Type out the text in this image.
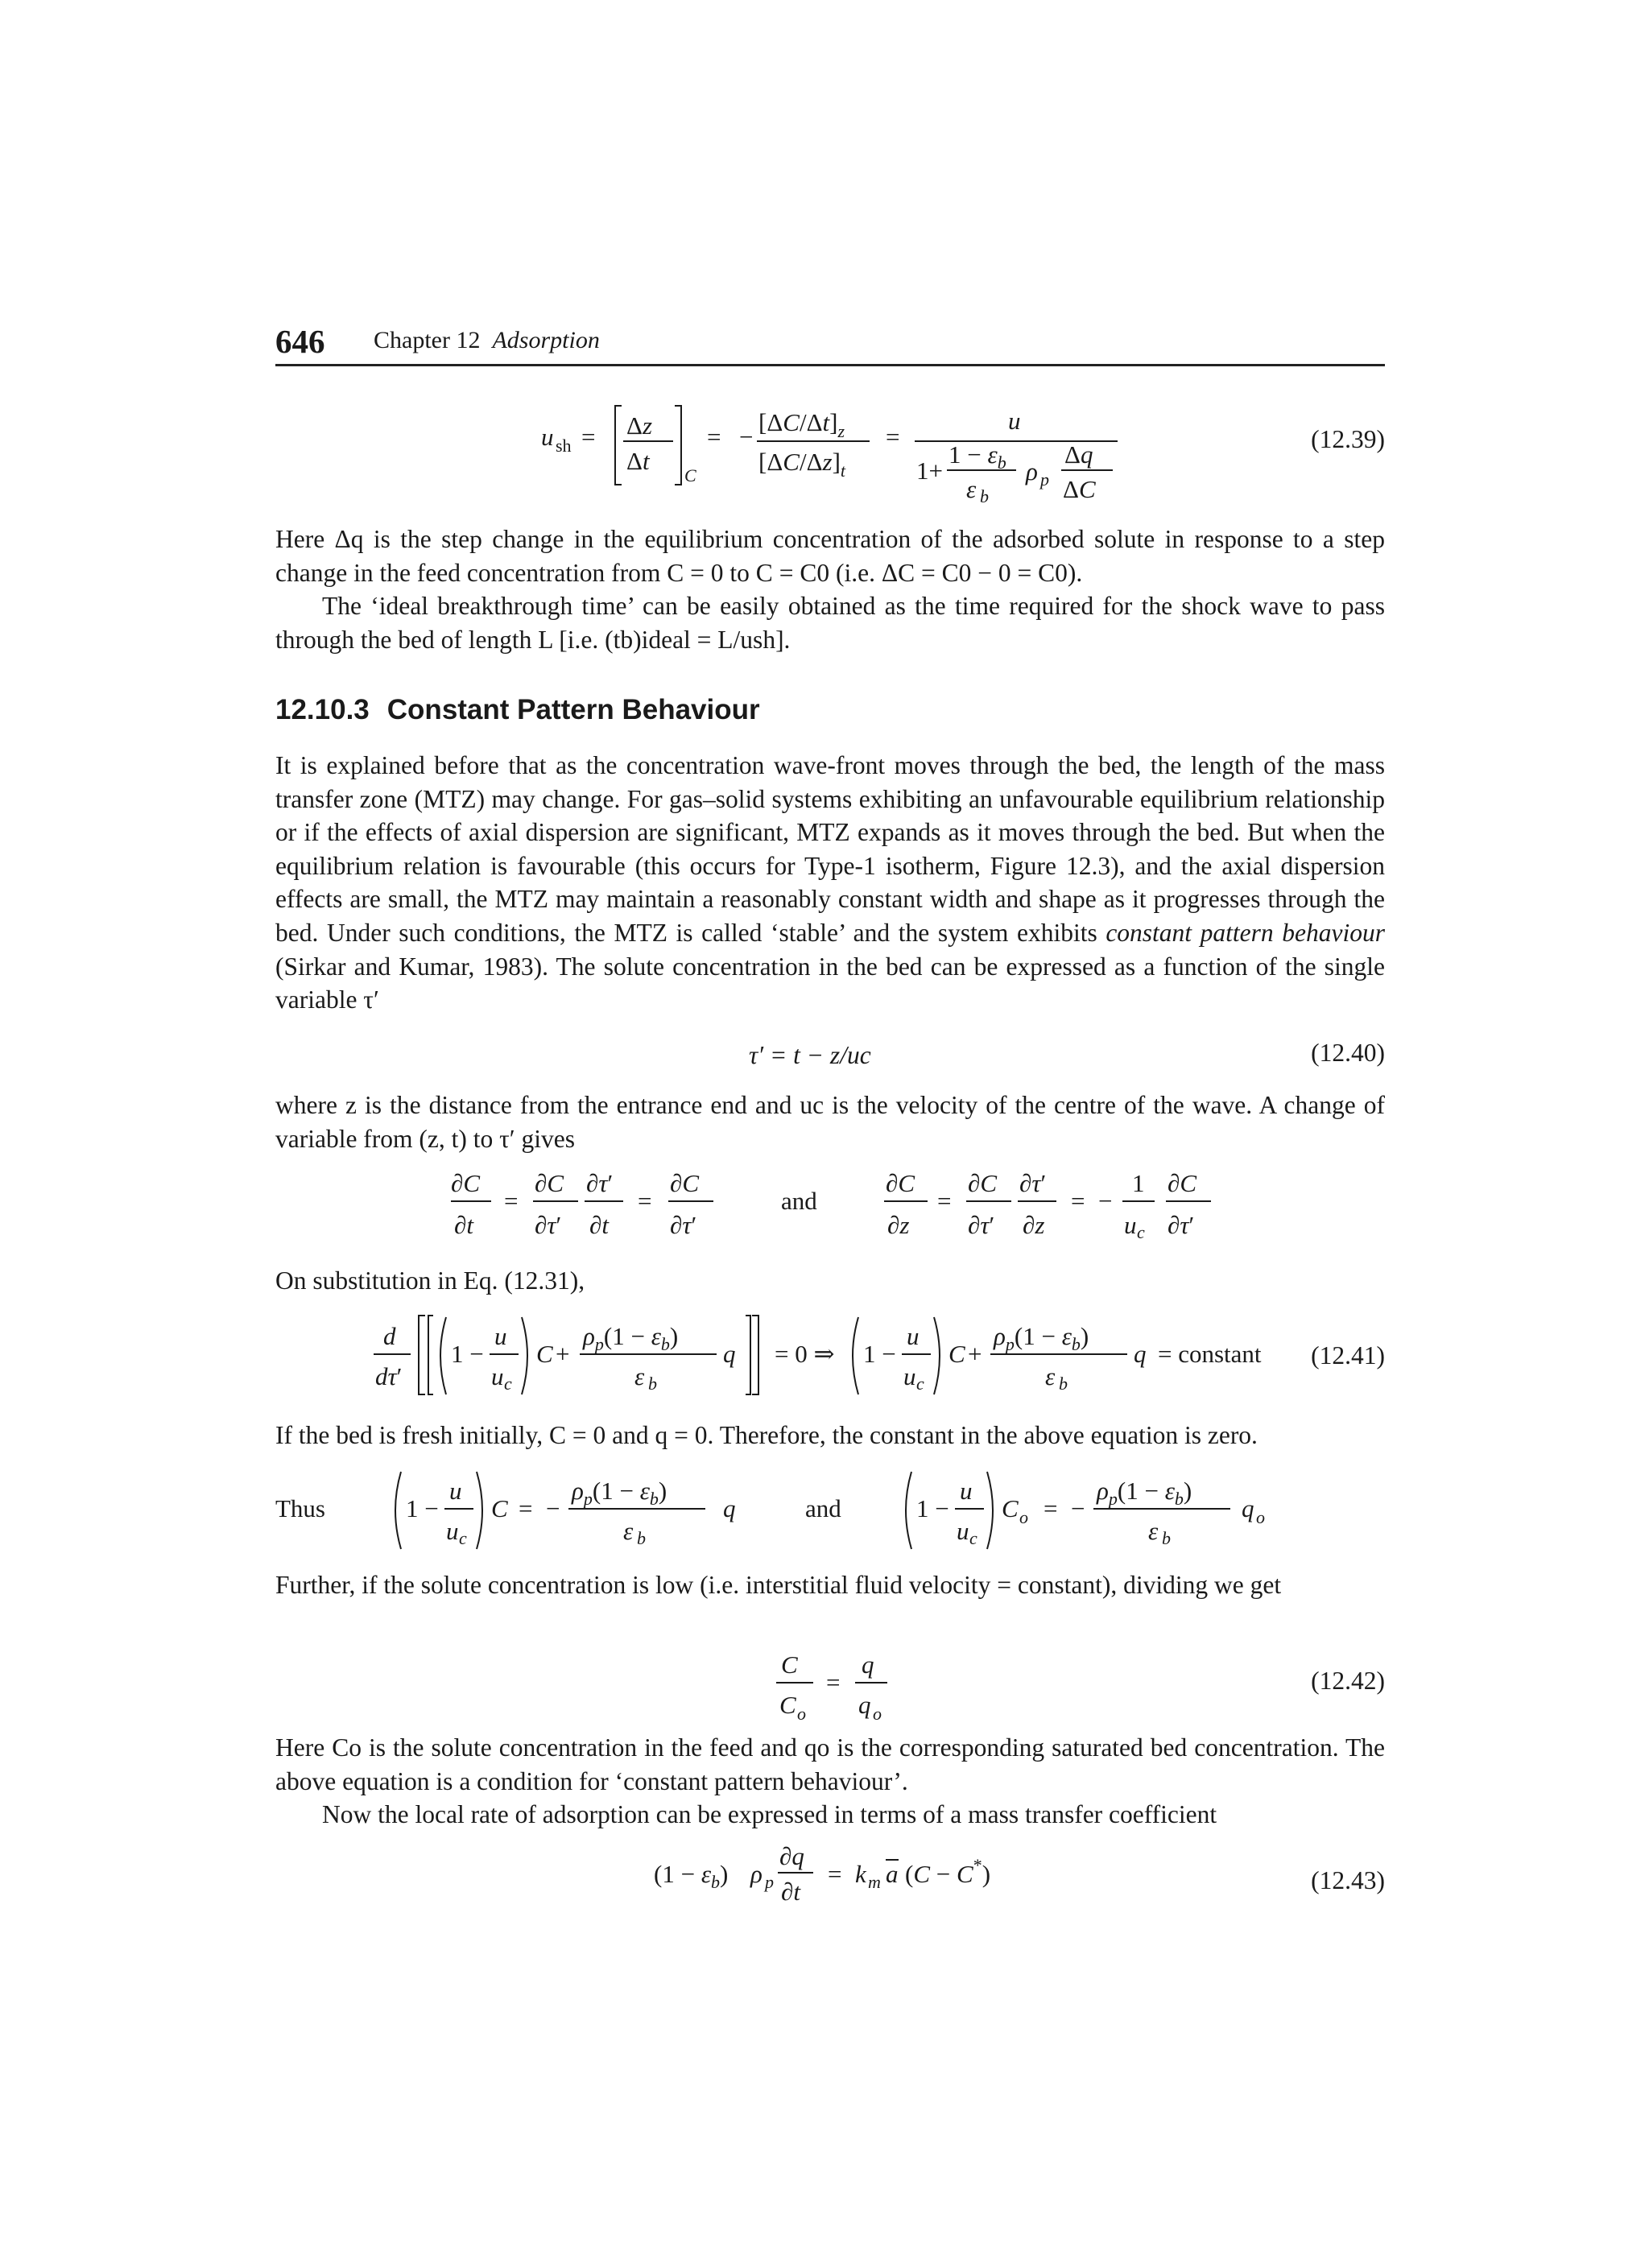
646 Chapter 12 Adsorption
u sh = Δz
Δt
C
= −
$[\Delta C/\Delta t]_z$
$[\Delta C/\Delta z]_t$
=
u
1+
$1 - \varepsilon_b$
ε b
ρ p
Δq
ΔC
(12.39)
Here Δq is the step change in the equilibrium concentration of the adsorbed solute in response to a step change in the feed concentration from C = 0 to C = C0 (i.e. ΔC = C0 − 0 = C0).
The ‘ideal breakthrough time’ can be easily obtained as the time required for the shock wave to pass through the bed of length L [i.e. (tb)ideal = L/ush].
12.10.3 Constant Pattern Behaviour
It is explained before that as the concentration wave-front moves through the bed, the length of the mass transfer zone (MTZ) may change. For gas–solid systems exhibiting an unfavourable equilibrium relationship or if the effects of axial dispersion are significant, MTZ expands as it moves through the bed. But when the equilibrium relation is favourable (this occurs for Type-1 isotherm, Figure 12.3), and the axial dispersion effects are small, the MTZ may maintain a reasonably constant width and shape as it progresses through the bed. Under such conditions, the MTZ is called ‘stable’ and the system exhibits constant pattern behaviour (Sirkar and Kumar, 1983). The solute concentration in the bed can be expressed as a function of the single variable τ′
τ′ = t − z/uc	(12.40)
where z is the distance from the entrance end and uc is the velocity of the centre of the wave. A change of variable from (z, t) to τ′ gives
∂C
∂t
=
∂C
∂τ′
∂τ′
∂t
=
∂C
∂τ′
and
∂C
∂z
=
∂C
∂τ′
∂τ′
∂z
= −
1
u c
∂C
∂τ′
On substitution in Eq. (12.31),
d
dτ′
1 −
u
u c
C +
$\rho_p(1 - \varepsilon_b)$
ε b
q = 0 ⇒ 1 −
u
u c
C +
$\rho_p(1 - \varepsilon_b)$
ε b
q = constant (12.41)
If the bed is fresh initially, C = 0 and q = 0. Therefore, the constant in the above equation is zero.
Thus	1 −
u
u c
C = −
$\rho_p(1 - \varepsilon_b)$
ε b
q	and	1 −
u
u c
C o = −
$\rho_p(1 - \varepsilon_b)$
ε b
q o
Further, if the solute concentration is low (i.e. interstitial fluid velocity = constant), dividing we get
C
C o
=
q
q o
(12.42)
Here Co is the solute concentration in the feed and qo is the corresponding saturated bed concentration. The above equation is a condition for ‘constant pattern behaviour’.
Now the local rate of adsorption can be expressed in terms of a mass transfer coefficient
$(1 - \varepsilon_b)$ ρ p
∂q
∂t
= k m a (C − C*)	(12.43)
